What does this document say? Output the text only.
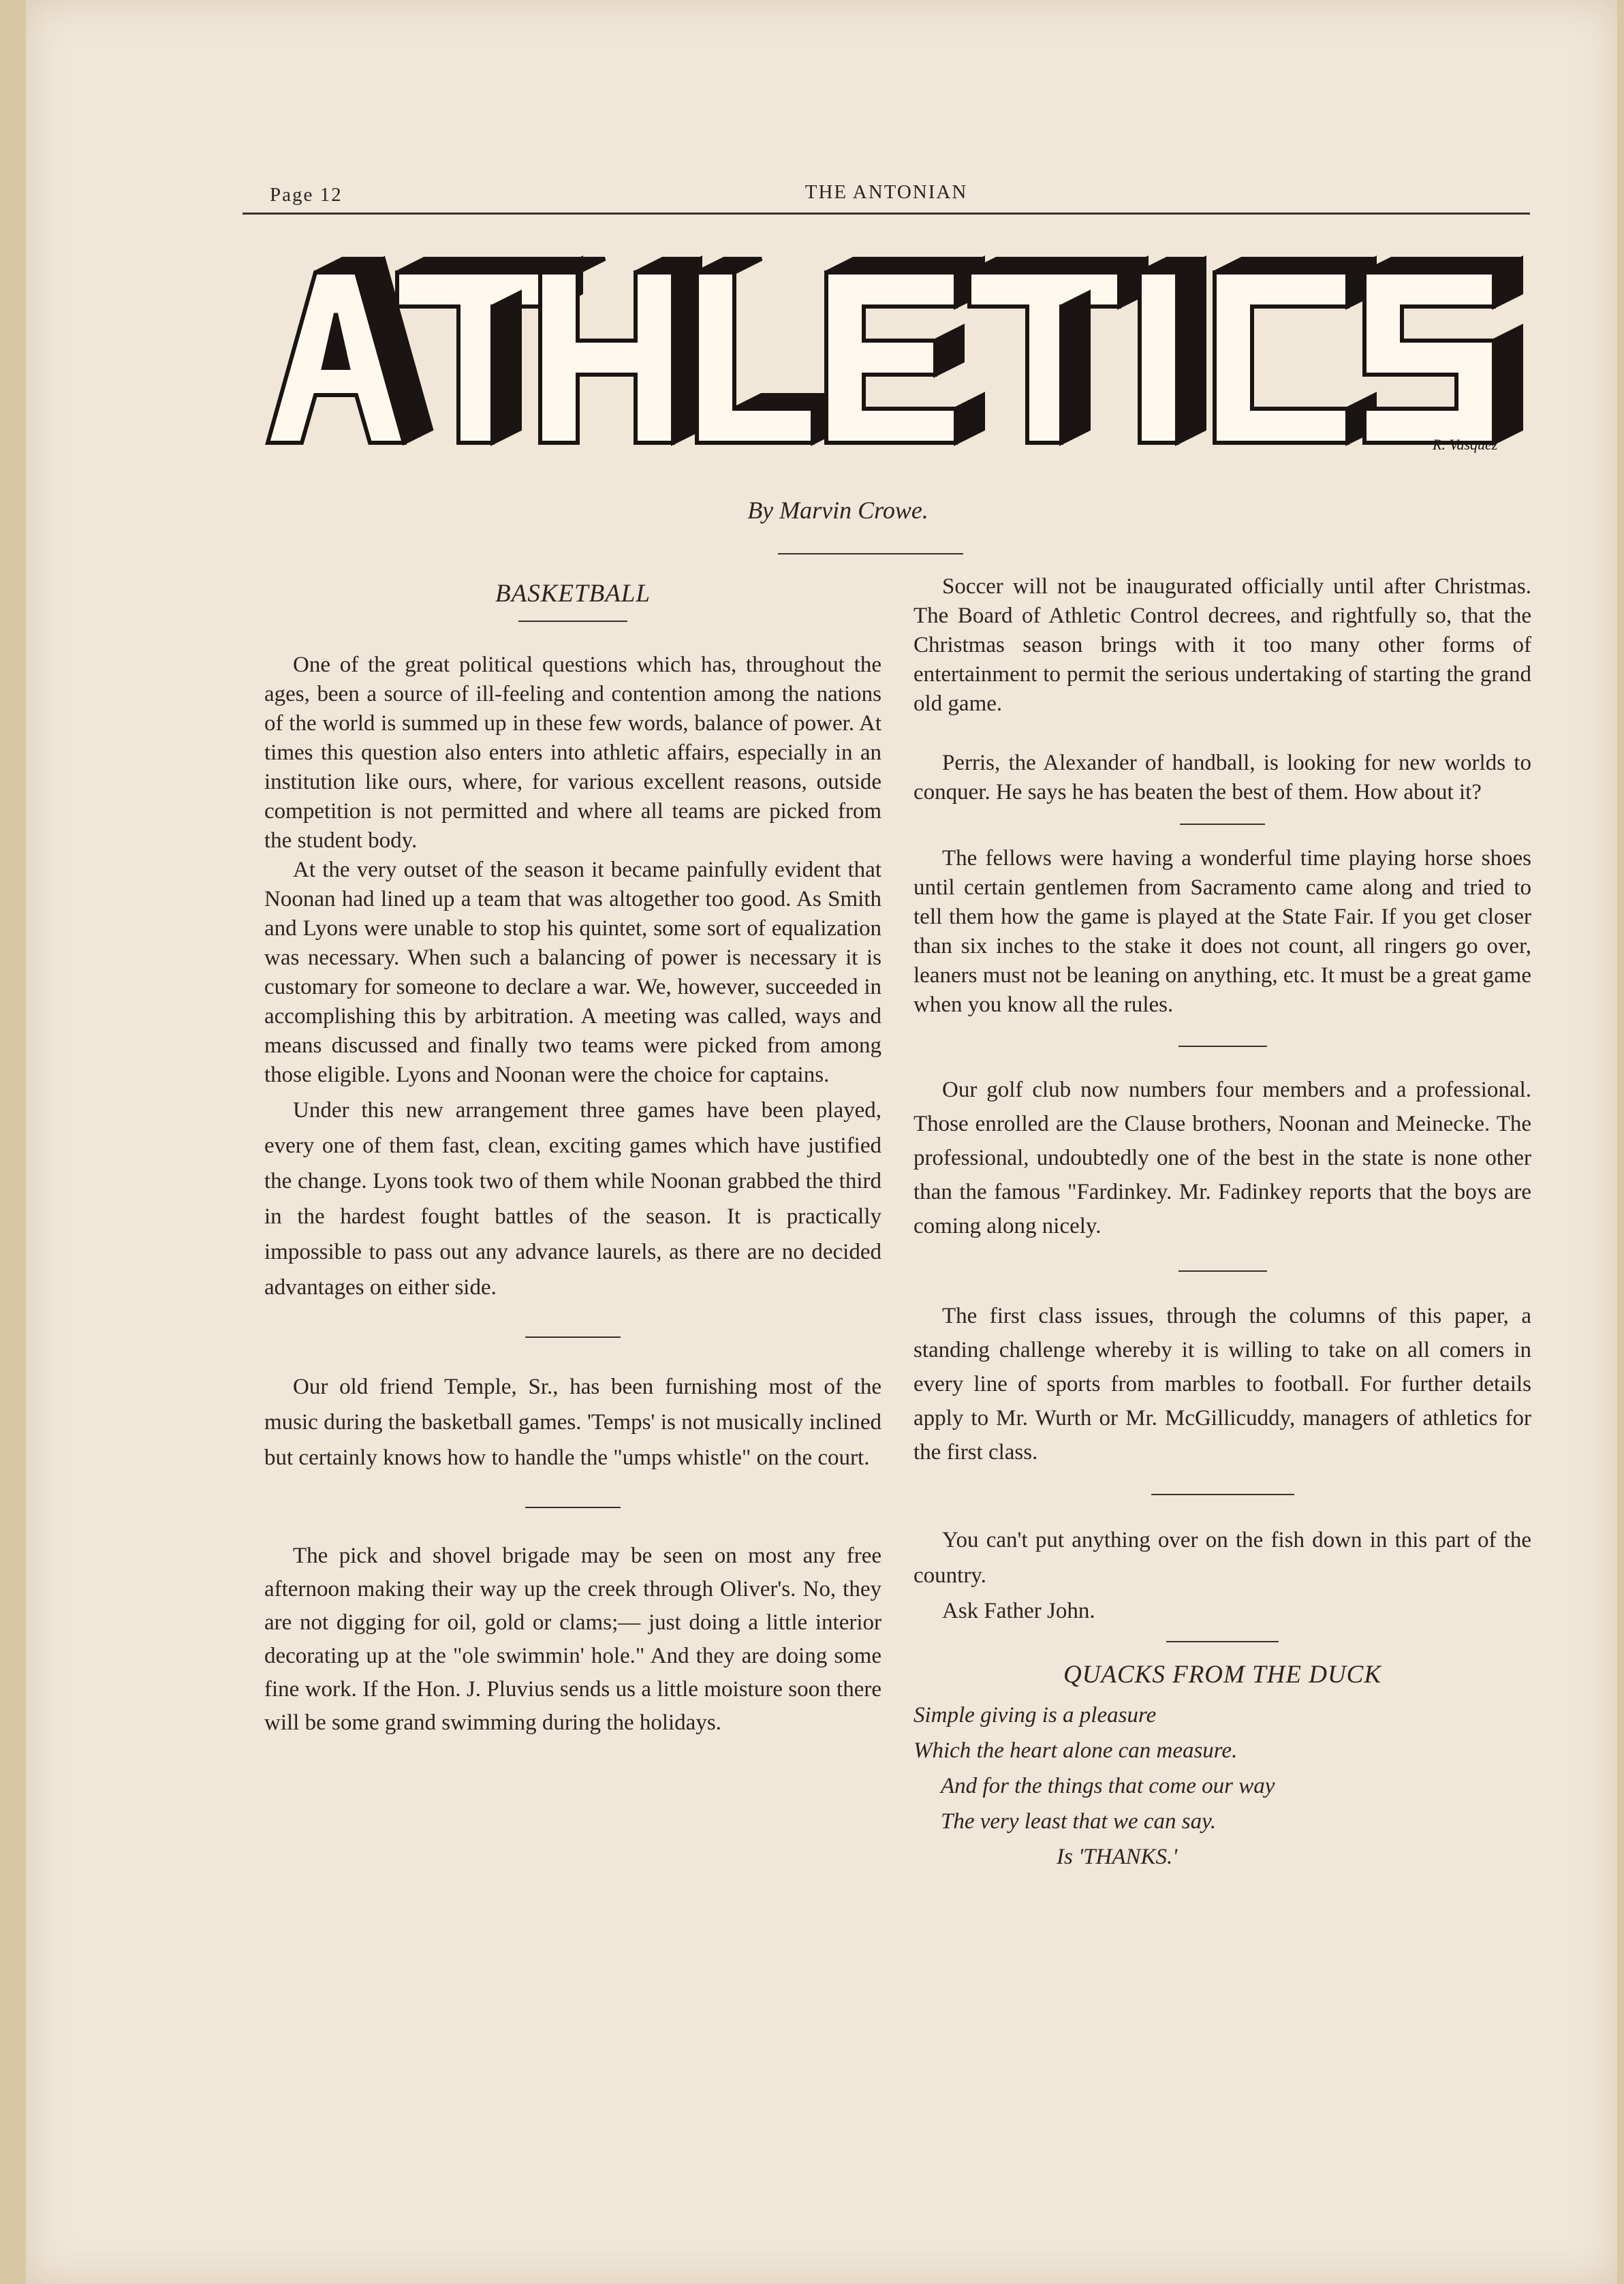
Page 12	THE ANTONIAN
R. Vasquez
By Marvin Crowe.
BASKETBALL

One of the great political questions which has, throughout the ages, been a source of ill-feeling and contention among the nations of the world is summed up in these few words, balance of power. At times this question also enters into athletic affairs, especially in an institution like ours, where, for various excellent reasons, outside competition is not permitted and where all teams are picked from the student body.

At the very outset of the season it became painfully evident that Noonan had lined up a team that was altogether too good. As Smith and Lyons were unable to stop his quintet, some sort of equalization was necessary. When such a balancing of power is necessary it is customary for someone to declare a war. We, however, succeeded in accomplishing this by arbitration. A meeting was called, ways and means discussed and finally two teams were picked from among those eligible. Lyons and Noonan were the choice for captains.

Under this new arrangement three games have been played, every one of them fast, clean, exciting games which have justified the change. Lyons took two of them while Noonan grabbed the third in the hardest fought battles of the season. It is practically impossible to pass out any advance laurels, as there are no decided advantages on either side.

Our old friend Temple, Sr., has been furnishing most of the music during the basketball games. 'Temps' is not musically inclined but certainly knows how to handle the "umps whistle" on the court.

The pick and shovel brigade may be seen on most any free afternoon making their way up the creek through Oliver's. No, they are not digging for oil, gold or clams;— just doing a little interior decorating up at the "ole swimmin' hole." And they are doing some fine work. If the Hon. J. Pluvius sends us a little moisture soon there will be some grand swimming during the holidays.

Soccer will not be inaugurated officially until after Christmas. The Board of Athletic Control decrees, and rightfully so, that the Christmas season brings with it too many other forms of entertainment to permit the serious undertaking of starting the grand old game.

Perris, the Alexander of handball, is looking for new worlds to conquer. He says he has beaten the best of them. How about it?

The fellows were having a wonderful time playing horse shoes until certain gentlemen from Sacramento came along and tried to tell them how the game is played at the State Fair. If you get closer than six inches to the stake it does not count, all ringers go over, leaners must not be leaning on anything, etc. It must be a great game when you know all the rules.

Our golf club now numbers four members and a professional. Those enrolled are the Clause brothers, Noonan and Meinecke. The professional, undoubtedly one of the best in the state is none other than the famous "Fardinkey. Mr. Fadinkey reports that the boys are coming along nicely.

The first class issues, through the columns of this paper, a standing challenge whereby it is willing to take on all comers in every line of sports from marbles to football. For further details apply to Mr. Wurth or Mr. McGillicuddy, managers of athletics for the first class.

You can't put anything over on the fish down in this part of the country.

Ask Father John.

QUACKS FROM THE DUCK
Simple giving is a pleasure
Which the heart alone can measure.
And for the things that come our way
The very least that we can say.
Is 'THANKS.'
